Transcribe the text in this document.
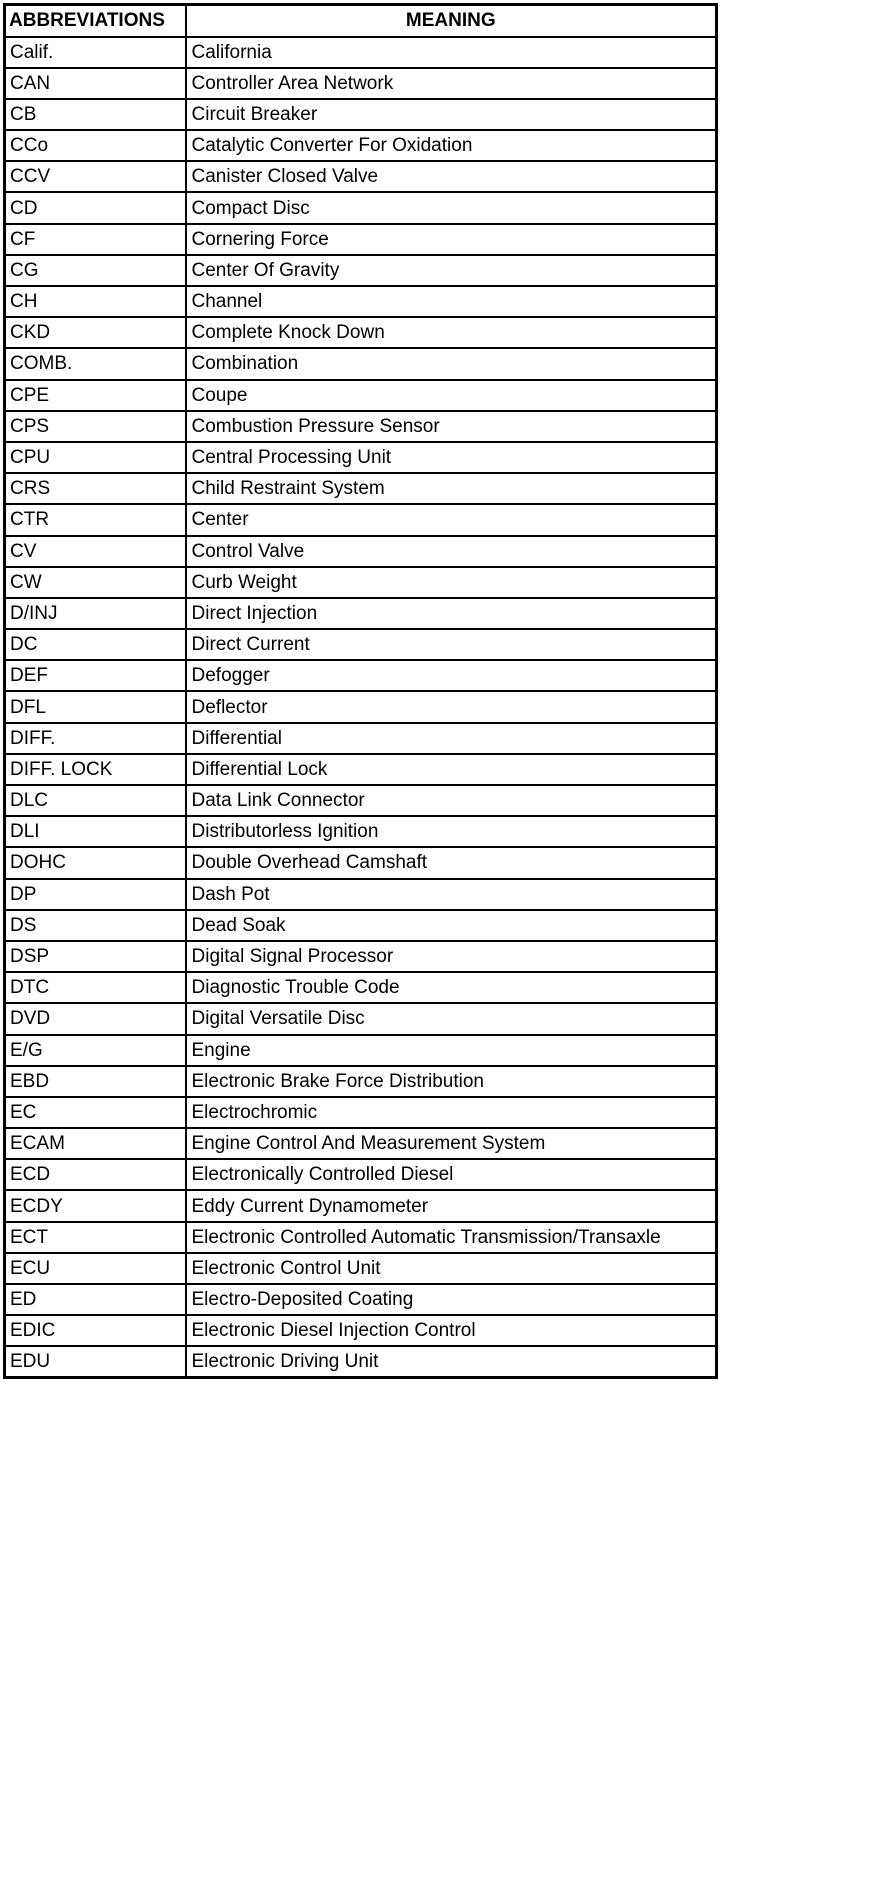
ABBREVIATIONS	MEANING
Calif.	California
CAN	Controller Area Network
CB	Circuit Breaker
CCo	Catalytic Converter For Oxidation
CCV	Canister Closed Valve
CD	Compact Disc
CF	Cornering Force
CG	Center Of Gravity
CH	Channel
CKD	Complete Knock Down
COMB.	Combination
CPE	Coupe
CPS	Combustion Pressure Sensor
CPU	Central Processing Unit
CRS	Child Restraint System
CTR	Center
CV	Control Valve
CW	Curb Weight
D/INJ	Direct Injection
DC	Direct Current
DEF	Defogger
DFL	Deflector
DIFF.	Differential
DIFF. LOCK	Differential Lock
DLC	Data Link Connector
DLI	Distributorless Ignition
DOHC	Double Overhead Camshaft
DP	Dash Pot
DS	Dead Soak
DSP	Digital Signal Processor
DTC	Diagnostic Trouble Code
DVD	Digital Versatile Disc
E/G	Engine
EBD	Electronic Brake Force Distribution
EC	Electrochromic
ECAM	Engine Control And Measurement System
ECD	Electronically Controlled Diesel
ECDY	Eddy Current Dynamometer
ECT	Electronic Controlled Automatic Transmission/Transaxle
ECU	Electronic Control Unit
ED	Electro-Deposited Coating
EDIC	Electronic Diesel Injection Control
EDU	Electronic Driving Unit
